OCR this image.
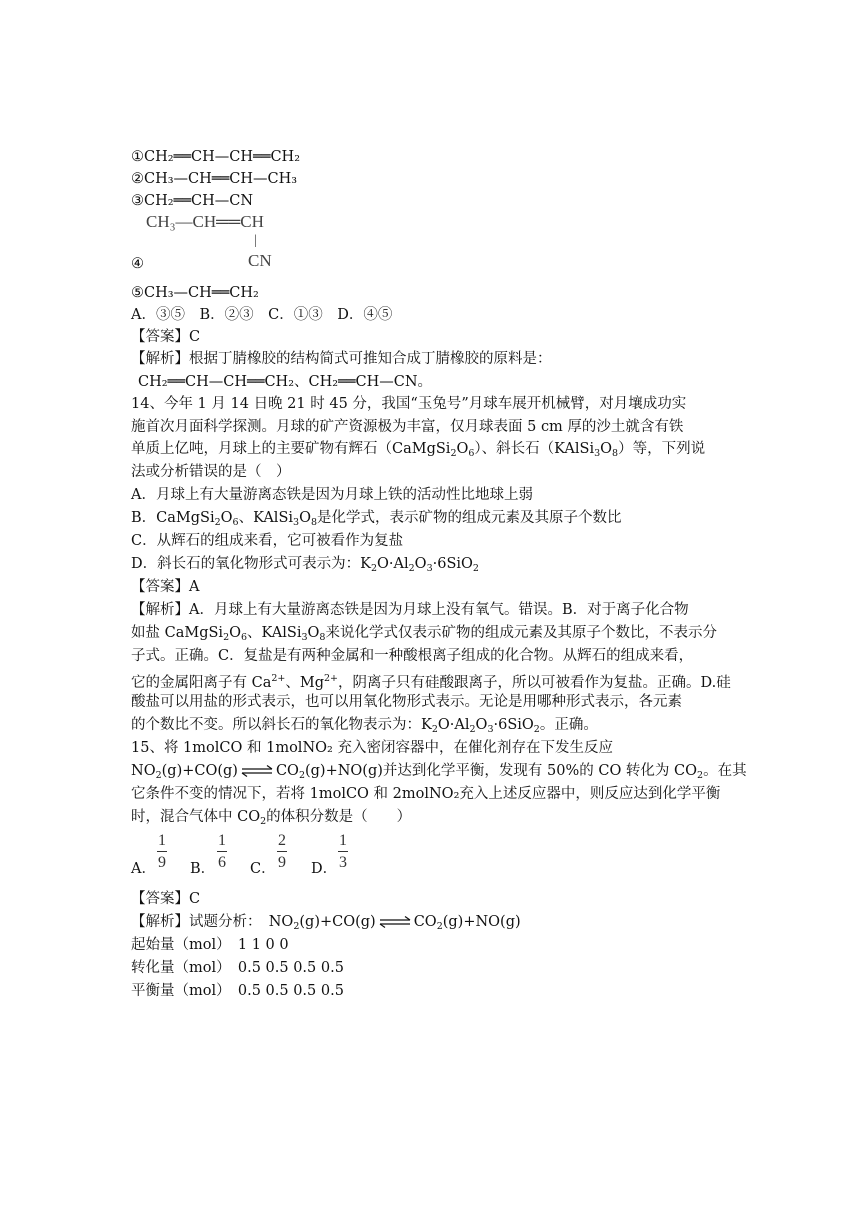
①CH₂══CH—CH══CH₂
②CH₃—CH══CH—CH₃
③CH₂══CH—CN
CH₃—CH══CH
|
CN
④
⑤CH₃—CH══CH₂
A．③⑤　B．②③　C．①③　D．④⑤
【答案】C
【解析】根据丁腈橡胶的结构简式可推知合成丁腈橡胶的原料是：
CH₂══CH—CH══CH₂、CH₂══CH—CN。
14、今年 1 月 14 日晚 21 时 45 分，我国“玉兔号”月球车展开机械臂，对月壤成功实
施首次月面科学探测。月球的矿产资源极为丰富，仅月球表面 5 cm 厚的沙土就含有铁
单质上亿吨，月球上的主要矿物有辉石$(CaMgSi_2O_6)$、斜长石$(KAlSi_3O_8)$等，下列说
法或分析错误的是（　）
A．月球上有大量游离态铁是因为月球上铁的活动性比地球上弱
B．$CaMgSi_2O_6$、$KAlSi_3O_8$是化学式，表示矿物的组成元素及其原子个数比
C．从辉石的组成来看，它可被看作为复盐
D．斜长石的氧化物形式可表示为：$K_2O\cdot Al_2O_3\cdot 6SiO_2$
【答案】A
【解析】A．月球上有大量游离态铁是因为月球上没有氧气。错误。B．对于离子化合物
如盐 $CaMgSi_2O_6$、$KAlSi_3O_8$来说化学式仅表示矿物的组成元素及其原子个数比，不表示分
子式。正确。C．复盐是有两种金属和一种酸根离子组成的化合物。从辉石的组成来看，
它的金属阳离子有 $Ca^{2+}$、$Mg^{2+}$，阴离子只有硅酸跟离子，所以可被看作为复盐。正确。D.硅
酸盐可以用盐的形式表示，也可以用氧化物形式表示。无论是用哪种形式表示，各元素
的个数比不变。所以斜长石的氧化物表示为：$K_2O\cdot Al_2O_3\cdot 6SiO_2$。正确。
15、将 1molCO 和 1molNO₂ 充入密闭容器中，在催化剂存在下发生反应
$NO_2(g)+CO(g)$ ⇌ $CO_2(g)+NO(g)$并达到化学平衡，发现有 50%的 CO 转化为 $CO_2$。在其
它条件不变的情况下，若将 1molCO 和 2molNO₂充入上述反应器中，则反应达到化学平衡
时，混合气体中 $CO_2$的体积分数是（　　）
A．
1
9 B．
1
6 C．
2
9 D．
1
3
【答案】C
【解析】试题分析：　$NO_2(g)+CO(g)$ ⇌ $CO_2(g)+NO(g)$
起始量（mol）　1 1 0 0
转化量（mol）　0.5 0.5 0.5 0.5
平衡量（mol）　0.5 0.5 0.5 0.5
